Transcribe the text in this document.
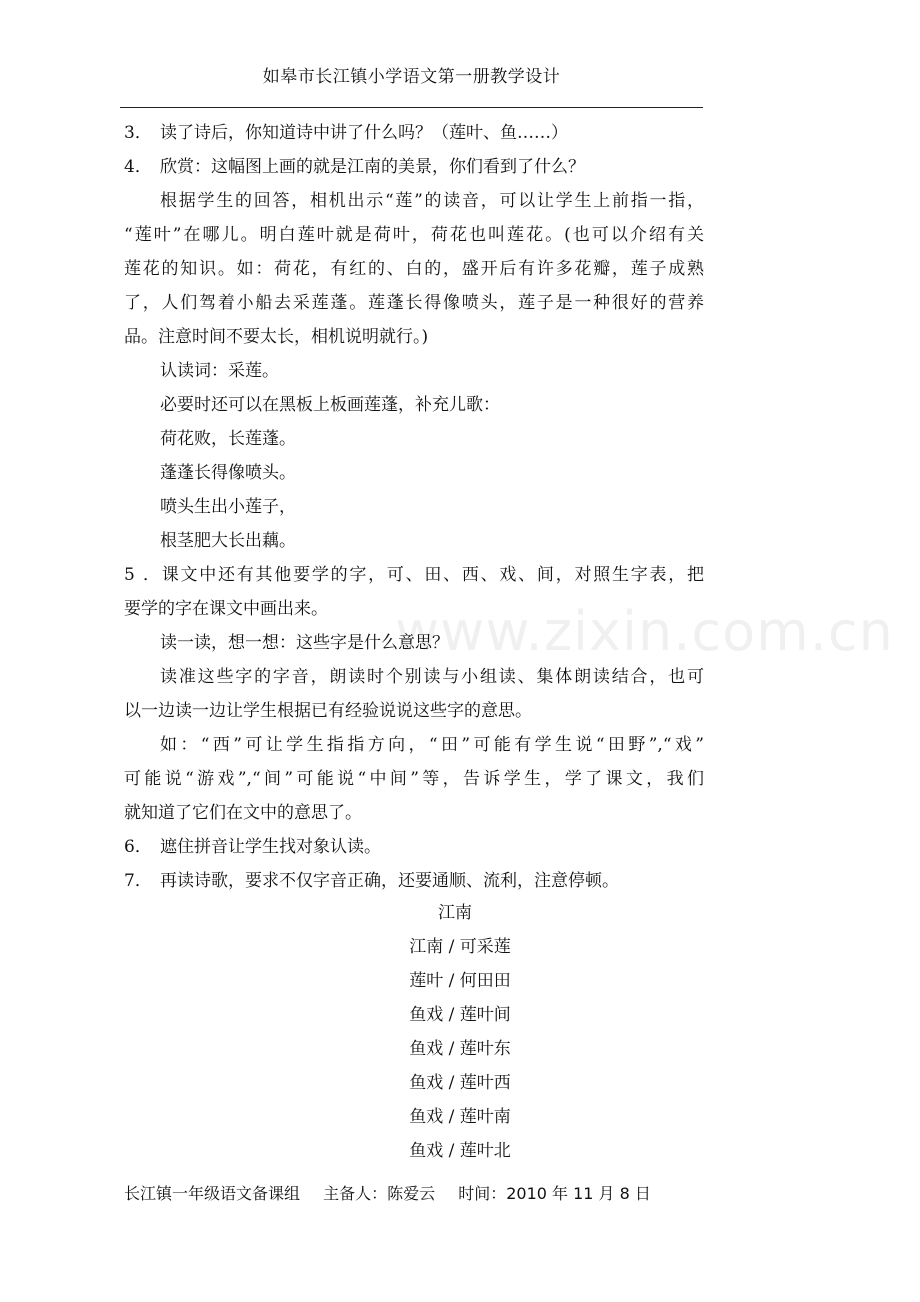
如皋市长江镇小学语文第一册教学设计
3． 读了诗后，你知道诗中讲了什么吗？（莲叶、鱼……）
4． 欣赏：这幅图上画的就是江南的美景，你们看到了什么？
根据学生的回答，相机出示“莲”的读音，可以让学生上前指一指，
“莲叶”在哪儿。明白莲叶就是荷叶，荷花也叫莲花。(也可以介绍有关
莲花的知识。如：荷花，有红的、白的，盛开后有许多花瓣，莲子成熟
了，人们驾着小船去采莲蓬。莲蓬长得像喷头，莲子是一种很好的营养
品。注意时间不要太长，相机说明就行。)
认读词：采莲。
必要时还可以在黑板上板画莲蓬，补充儿歌：
荷花败，长莲蓬。
蓬蓬长得像喷头。
喷头生出小莲子，
根茎肥大长出藕。
5．课文中还有其他要学的字，可、田、西、戏、间，对照生字表，把
要学的字在课文中画出来。
读一读，想一想：这些字是什么意思？
读准这些字的字音，朗读时个别读与小组读、集体朗读结合，也可
以一边读一边让学生根据已有经验说说这些字的意思。
如：“西”可让学生指指方向，“田”可能有学生说“田野”,“戏”
可能说“游戏”,“间”可能说“中间”等，告诉学生，学了课文，我们
就知道了它们在文中的意思了。
6． 遮住拼音让学生找对象认读。
7． 再读诗歌，要求不仅字音正确，还要通顺、流利，注意停顿。
江南
江南 / 可采莲
莲叶 / 何田田
鱼戏 / 莲叶间
鱼戏 / 莲叶东
鱼戏 / 莲叶西
鱼戏 / 莲叶南
鱼戏 / 莲叶北
长江镇一年级语文备课组 主备人：陈爱云 时间：2010 年 11 月 8 日
www.zixin.com.cn
